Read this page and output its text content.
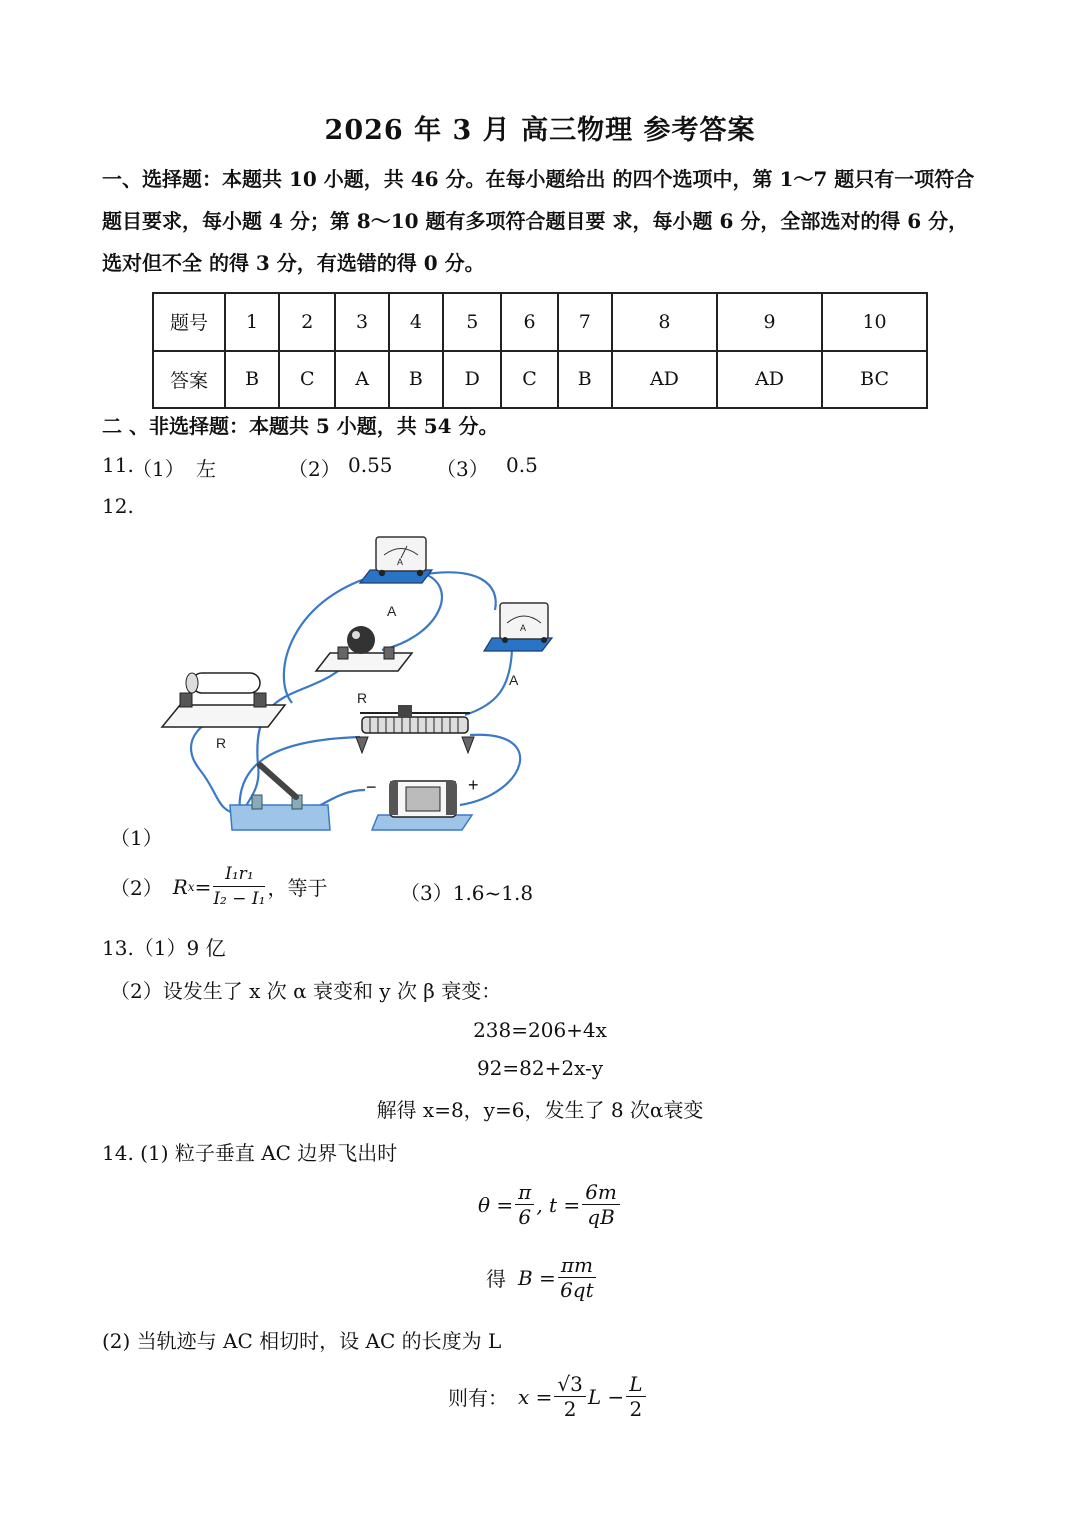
2026 年 3 月 高三物理 参考答案
一、选择题：本题共 10 小题，共 46 分。在每小题给出 的四个选项中，第 1～7 题只有一项符合题目要求，每小题 4 分；第 8～10 题有多项符合题目要 求，每小题 6 分，全部选对的得 6 分，选对但不全 的得 3 分，有选错的得 0 分。
题号	1	2	3	4	5	6	7	8	9	10
答案	B	C	A	B	D	C	B	AD	AD	BC
二 、非选择题：本题共 5 小题，共 54 分。
11.
（1） 左	（2） 0.55 （3） 0.5
12.
A
A
R
A
A
R
−	+
（1）
（2） R $x = \frac{\text{I₁r₁}}{\text{I₂ − I₁}}$ ，等于	（3）1.6~1.8
13.（1）9 亿
（2）设发生了 x 次 α 衰变和 y 次 β 衰变：
238=206+4x
92=82+2x-y
解得 x=8，y=6，发生了 8 次α衰变
14. (1) 粒子垂直 AC 边界飞出时
$\theta = \frac{\pi}{6}$ , $t = \frac{6m}{qB}$
得 $B = \frac{\pi m}{6qt}$
(2) 当轨迹与 AC 相切时，设 AC 的长度为 L
则有： $x = \frac{√3}{2}$ $L - \frac{L}{2}$
